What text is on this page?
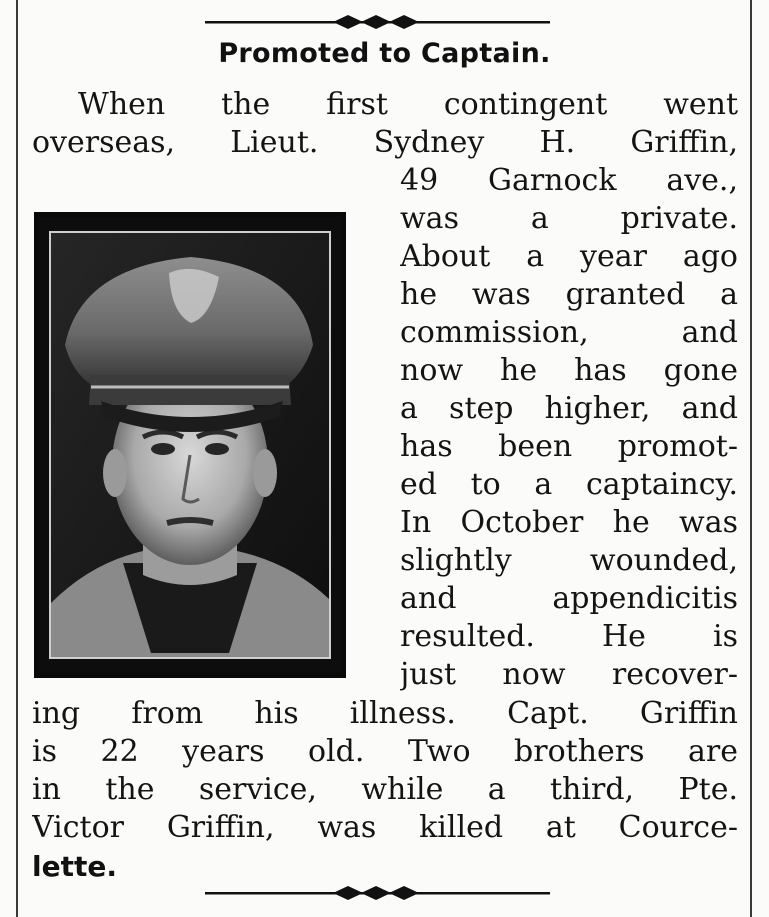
Promoted to Captain.
When the first contingent went
overseas, Lieut. Sydney H. Griffin,
49 Garnock ave.,
was a private.
About a year ago
he was granted a
commission, and
now he has gone
a step higher, and
has been promot-
ed to a captaincy.
In October he was
slightly wounded,
and appendicitis
resulted. He is
just now recover-
ing from his illness. Capt. Griffin
is 22 years old. Two brothers are
in the service, while a third, Pte.
Victor Griffin, was killed at Cource-
lette.
